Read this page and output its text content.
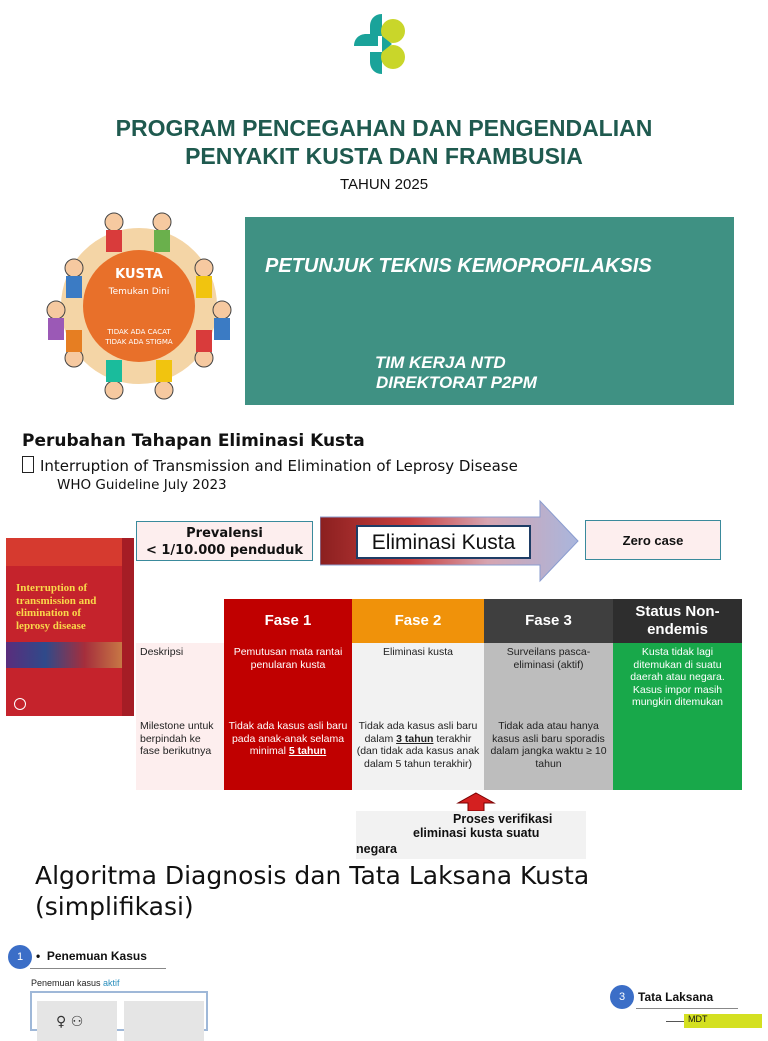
PROGRAM PENCEGAHAN DAN PENGENDALIAN
PENYAKIT KUSTA DAN FRAMBUSIA
TAHUN 2025
KUSTA
Temukan Dini
TIDAK ADA CACAT
TIDAK ADA STIGMA
PETUNJUK TEKNIS KEMOPROFILAKSIS
TIM KERJA NTD
DIREKTORAT P2PM
Perubahan Tahapan Eliminasi Kusta
Interruption of Transmission and Elimination of Leprosy Disease
WHO Guideline July 2023
Interruption of transmission and elimination of leprosy disease
Prevalensi
< 1/10.000 penduduk	Eliminasi Kusta	Zero case
	Fase 1	Fase 2	Fase 3	Status Non-endemis
Deskripsi	Pemutusan mata rantai penularan kusta	Eliminasi kusta	Surveilans pasca-eliminasi (aktif)	Kusta tidak lagi ditemukan di suatu daerah atau negara. Kasus impor masih mungkin ditemukan
Milestone untuk berpindah ke fase berikutnya	Tidak ada kasus asli baru pada anak-anak selama minimal 5 tahun	Tidak ada kasus asli baru dalam 3 tahun terakhir (dan tidak ada kasus anak dalam 5 tahun terakhir)	Tidak ada atau hanya kasus asli baru sporadis dalam jangka waktu ≥ 10 tahun	
Proses verifikasi
eliminasi kusta suatu
negara
Algoritma Diagnosis dan Tata Laksana Kusta
(simplifikasi)
1	•  Penemuan Kasus
Penemuan kasus aktif
♀ ⚇
3	Tata Laksana
MDT
